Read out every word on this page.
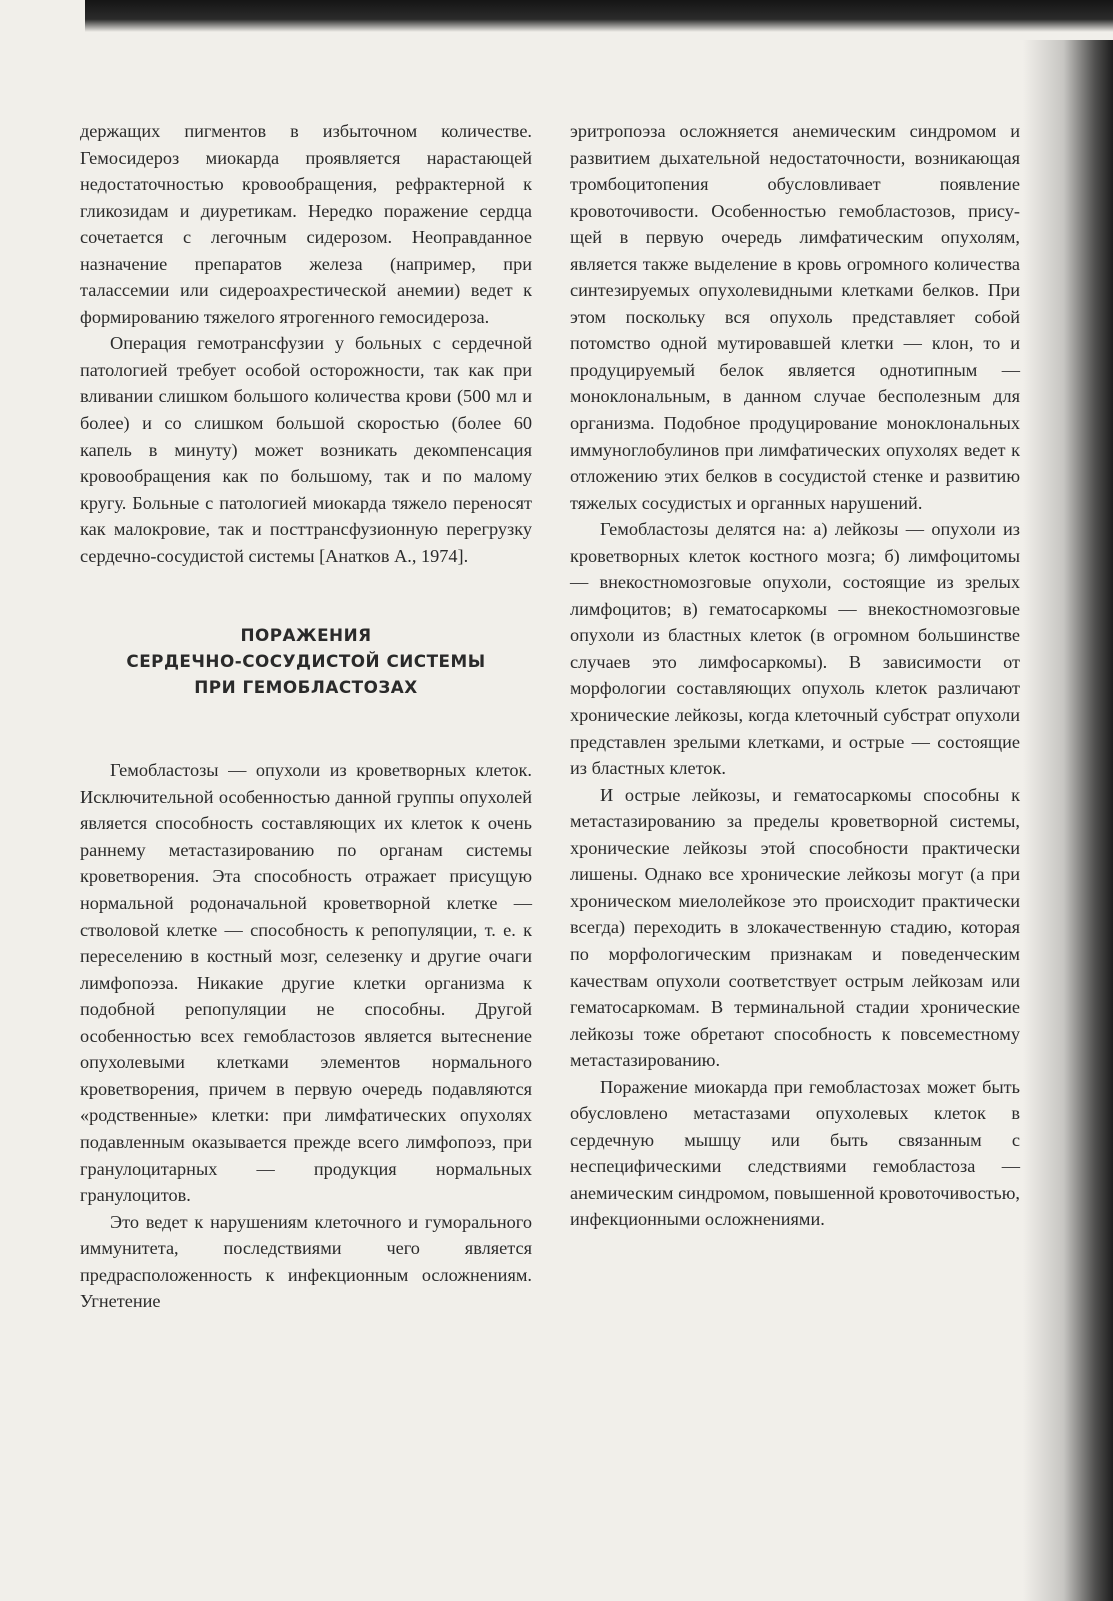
держащих пигментов в избыточном количестве. Гемосидероз миокарда проявляется нарастающей недостаточностью кровообращения, рефрактерной к гликозидам и диуретикам. Нередко поражение сердца сочетается с легочным сидерозом. Неоправданное назначение препаратов железа (например, при талассемии или сидероахрестической анемии) ведет к формированию тяжелого ятрогенного гемосидероза.

Операция гемотрансфузии у больных с сердечной патологией требует особой осторожности, так как при вливании слишком большого количества крови (500 мл и более) и со слишком большой скоростью (более 60 капель в минуту) может возникать декомпенсация кровообращения как по большому, так и по малому кругу. Больные с патологией миокарда тяжело переносят как малокровие, так и посттрансфузионную перегрузку сердечно-сосудистой системы [Анатков А., 1974].

ПОРАЖЕНИЯ
СЕРДЕЧНО-СОСУДИСТОЙ СИСТЕМЫ
ПРИ ГЕМОБЛАСТОЗАХ

Гемобластозы — опухоли из кроветворных клеток. Исключительной особенностью данной группы опухолей является способность составляющих их клеток к очень раннему метастазированию по органам системы кроветворения. Эта способность отражает присущую нормальной родоначальной кроветворной клетке — стволовой клетке — способность к репопуляции, т. е. к переселению в костный мозг, селезенку и другие очаги лимфопоэза. Никакие другие клетки организма к подобной репопуляции не способны. Другой особенностью всех гемобластозов является вытеснение опухолевыми клетками элементов нормального кроветворения, причем в первую очередь подавляются «родственные» клетки: при лимфатических опухолях подавленным оказывается прежде всего лимфопоэз, при гранулоцитарных — продукция нормальных гранулоцитов.

Это ведет к нарушениям клеточного и гуморального иммунитета, последствиями чего является предрасположенность к инфекционным осложнениям. Угнетение

эритропоэза осложняется анемическим синдромом и развитием дыхательной недостаточности, возникающая тромбоцитопения обусловливает появление кровоточивости. Особенностью гемобластозов, присущей в первую очередь лимфатическим опухолям, является также выделение в кровь огромного количества синтезируемых опухолевидными клетками белков. При этом поскольку вся опухоль представляет собой потомство одной мутировавшей клетки — клон, то и продуцируемый белок является однотипным — моноклональным, в данном случае бесполезным для организма. Подобное продуцирование моноклональных иммуноглобулинов при лимфатических опухолях ведет к отложению этих белков в сосудистой стенке и развитию тяжелых сосудистых и органных нарушений.

Гемобластозы делятся на: а) лейкозы — опухоли из кроветворных клеток костного мозга; б) лимфоцитомы — внекостномозговые опухоли, состоящие из зрелых лимфоцитов; в) гематосаркомы — внекостномозговые опухоли из бластных клеток (в огромном большинстве случаев это лимфосаркомы). В зависимости от морфологии составляющих опухоль клеток различают хронические лейкозы, когда клеточный субстрат опухоли представлен зрелыми клетками, и острые — состоящие из бластных клеток.

И острые лейкозы, и гематосаркомы способны к метастазированию за пределы кроветворной системы, хронические лейкозы этой способности практически лишены. Однако все хронические лейкозы могут (а при хроническом миелолейкозе это происходит практически всегда) переходить в злокачественную стадию, которая по морфологическим признакам и поведенческим качествам опухоли соответствует острым лейкозам или гематосаркомам. В терминальной стадии хронические лейкозы тоже обретают способность к повсеместному метастазированию.

Поражение миокарда при гемобластозах может быть обусловлено метастазами опухолевых клеток в сердечную мышцу или быть связанным с неспецифическими следствиями гемобластоза — анемическим синдромом, повышенной кровоточивостью, инфекционными осложнениями.
